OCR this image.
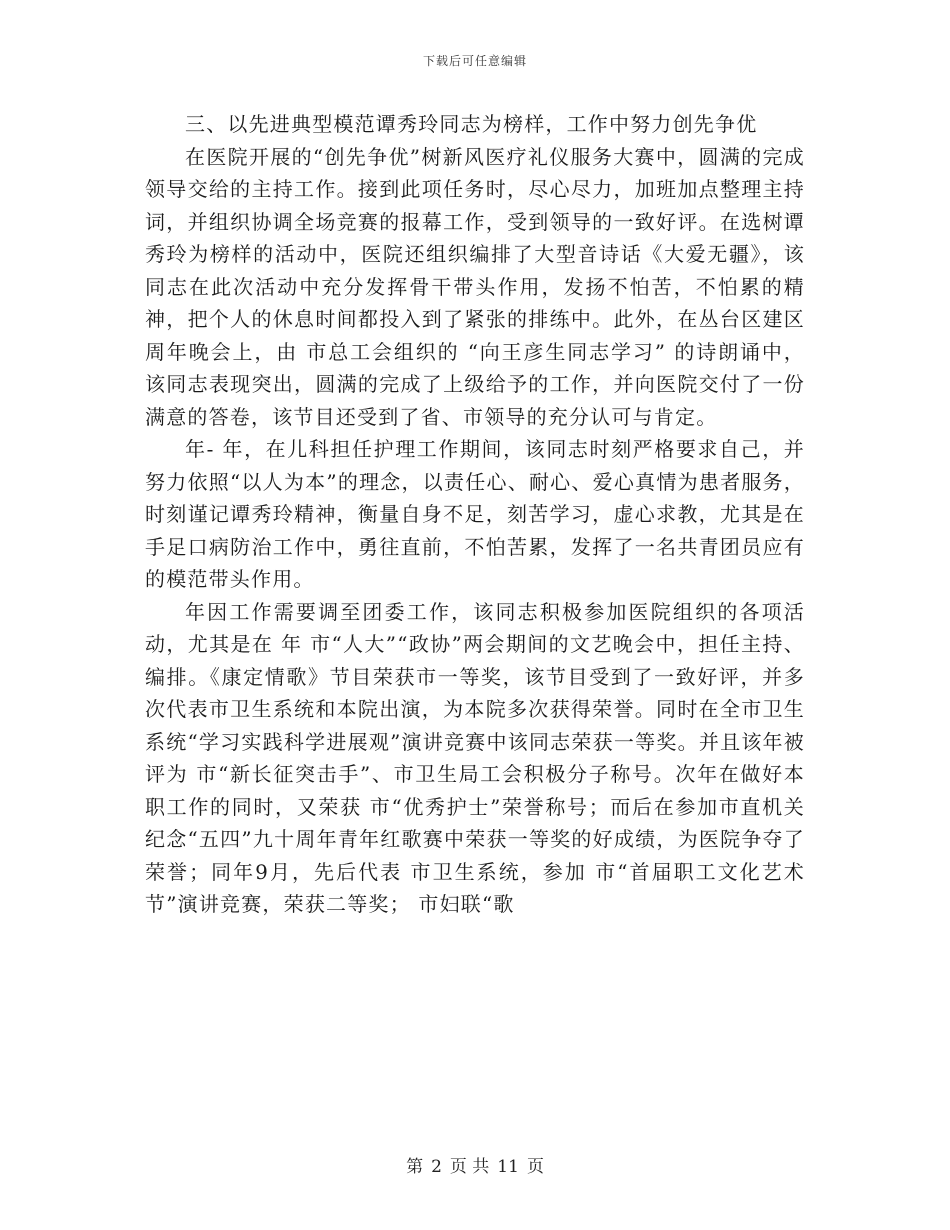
下载后可任意编辑
三、以先进典型模范谭秀玲同志为榜样，工作中努力创先争优

在医院开展的“创先争优”树新风医疗礼仪服务大赛中，圆满的完成领导交给的主持工作。接到此项任务时，尽心尽力，加班加点整理主持词，并组织协调全场竞赛的报幕工作，受到领导的一致好评。在选树谭秀玲为榜样的活动中，医院还组织编排了大型音诗话《大爱无疆》，该同志在此次活动中充分发挥骨干带头作用，发扬不怕苦，不怕累的精神，把个人的休息时间都投入到了紧张的排练中。此外，在丛台区建区 周年晚会上，由 市总工会组织的 “向王彦生同志学习” 的诗朗诵中，该同志表现突出，圆满的完成了上级给予的工作，并向医院交付了一份满意的答卷，该节目还受到了省、市领导的充分认可与肯定。

年- 年，在儿科担任护理工作期间，该同志时刻严格要求自己，并努力依照“以人为本”的理念，以责任心、耐心、爱心真情为患者服务，时刻谨记谭秀玲精神，衡量自身不足，刻苦学习，虚心求教，尤其是在手足口病防治工作中，勇往直前，不怕苦累，发挥了一名共青团员应有的模范带头作用。

年因工作需要调至团委工作，该同志积极参加医院组织的各项活动，尤其是在 年 市“人大”“政协”两会期间的文艺晚会中，担任主持、编排。《康定情歌》节目荣获市一等奖，该节目受到了一致好评，并多次代表市卫生系统和本院出演，为本院多次获得荣誉。同时在全市卫生系统“学习实践科学进展观”演讲竞赛中该同志荣获一等奖。并且该年被评为 市“新长征突击手”、市卫生局工会积极分子称号。次年在做好本职工作的同时，又荣获 市“优秀护士”荣誉称号；而后在参加市直机关纪念“五四”九十周年青年红歌赛中荣获一等奖的好成绩，为医院争夺了荣誉；同年9月，先后代表 市卫生系统，参加 市“首届职工文化艺术节”演讲竞赛，荣获二等奖； 市妇联“歌

第 2 页 共 11 页
